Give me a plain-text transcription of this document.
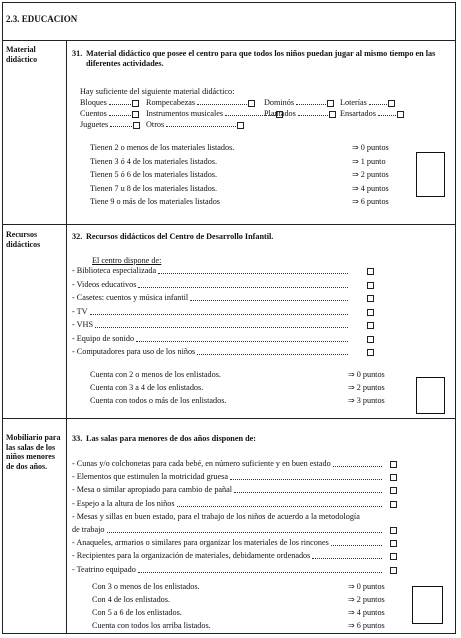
2.3. EDUCACION
Material didáctico
31. Material didáctico que posee el centro para que todos los niños puedan jugar al mismo tiempo en las diferentes actividades.
Hay suficiente del siguiente material didáctico:
Bloques	Rompecabezas	Dominós	Loterías
Cuentos	Instrumentos musicales	Plantados	Ensartados
Juguetes	Otros
Tienen 2 o menos de los materiales listados.	⇒ 0 puntos
Tienen 3 ó 4 de los materiales listados.	⇒ 1 punto
Tienen 5 ó 6 de los materiales listados.	⇒ 2 puntos
Tienen 7 u 8 de los materiales listados.	⇒ 4 puntos
Tiene 9 o más de los materiales listados	⇒ 6 puntos
Recursos didácticos
32. Recursos didácticos del Centro de Desarrollo Infantil.
El centro dispone de:
- Biblioteca especializada
- Videos educativos
- Casetes: cuentos y música infantil
- TV
- VHS
- Equipo de sonido
- Computadores para uso de los niños
Cuenta con 2 o menos de los enlistados.	⇒ 0 puntos
Cuenta con 3 a 4 de los enlistados.	⇒ 2 puntos
Cuenta con todos o más de los enlistados.	⇒ 3 puntos
Mobiliario para las salas de los niños menores de dos años.
33. Las salas para menores de dos años disponen de:
- Cunas y/o colchonetas para cada bebé, en número suficiente y en buen estado
- Elementos que estimulen la motricidad gruesa
- Mesa o similar apropiado para cambio de pañal
- Espejo a la altura de los niños
- Mesas y sillas en buen estado, para el trabajo de los niños de acuerdo a la metodología
de trabajo
- Anaqueles, armarios o similares para organizar los materiales de los rincones
- Recipientes para la organización de materiales, debidamente ordenados
- Teatrino equipado
Con 3 o menos de los enlistados.	⇒ 0 puntos
Con 4 de los enlistados.	⇒ 2 puntos
Con 5 a 6 de los enlistados.	⇒ 4 puntos
Cuenta con todos los arriba listados.	⇒ 6 puntos
